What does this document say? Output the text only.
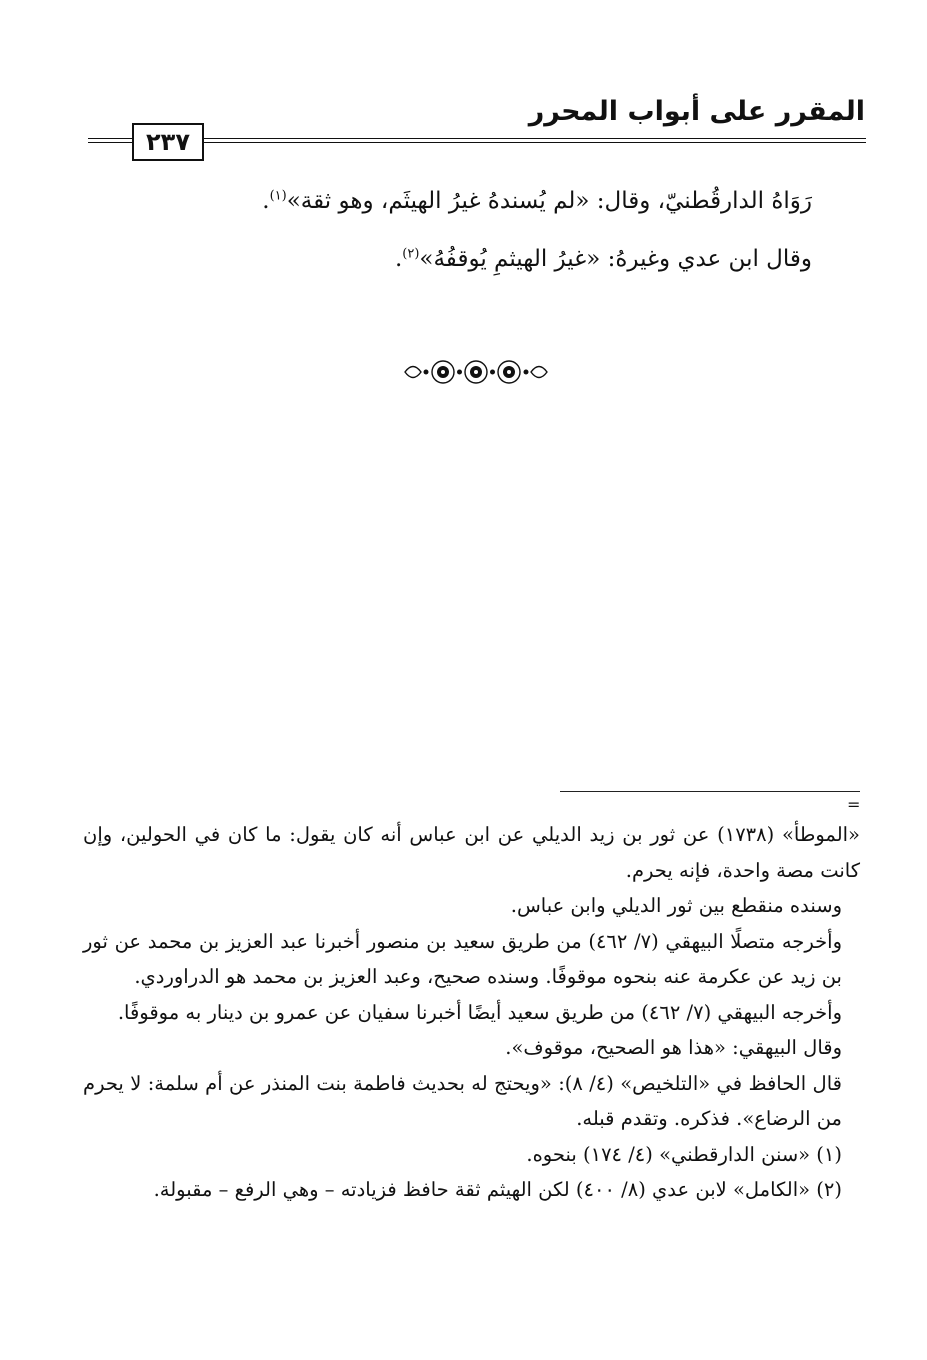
المقرر على أبواب المحرر
٢٣٧

رَوَاهُ الدارقُطنيّ، وقال: «لم يُسندهُ غيرُ الهيثَم، وهو ثقة»$^{(١)}$.

وقال ابن عدي وغيرهُ: «غيرُ الهيثمِ يُوقفُهُ»$^{(٢)}$.

=

«الموطأ» (١٧٣٨) عن ثور بن زيد الديلي عن ابن عباس أنه كان يقول: ما كان في الحولين، وإن كانت مصة واحدة، فإنه يحرم.

وسنده منقطع بين ثور الديلي وابن عباس.

وأخرجه متصلًا البيهقي (٧/ ٤٦٢) من طريق سعيد بن منصور أخبرنا عبد العزيز بن محمد عن ثور بن زيد عن عكرمة عنه بنحوه موقوفًا. وسنده صحيح، وعبد العزيز بن محمد هو الدراوردي.

وأخرجه البيهقي (٧/ ٤٦٢) من طريق سعيد أيضًا أخبرنا سفيان عن عمرو بن دينار به موقوفًا.

وقال البيهقي: «هذا هو الصحيح، موقوف».

قال الحافظ في «التلخيص» (٤/ ٨): «ويحتج له بحديث فاطمة بنت المنذر عن أم سلمة: لا يحرم من الرضاع». فذكره. وتقدم قبله.

(١) «سنن الدارقطني» (٤/ ١٧٤) بنحوه.

(٢) «الكامل» لابن عدي (٨/ ٤٠٠) لكن الهيثم ثقة حافظ فزيادته – وهي الرفع – مقبولة.
